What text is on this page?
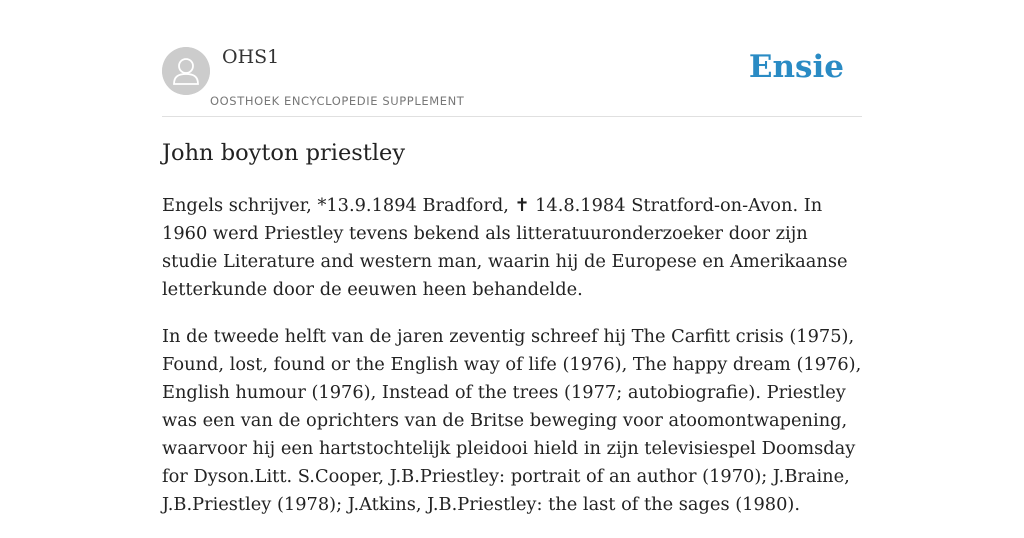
OHS1
OOSTHOEK ENCYCLOPEDIE SUPPLEMENT
Ensie
John boyton priestley

Engels schrijver, *13.9.1894 Bradford, ✝ 14.8.1984 Stratford-on-Avon. In 1960 werd Priestley tevens bekend als litteratuuronderzoeker door zijn studie Literature and western man, waarin hij de Europese en Amerikaanse letterkunde door de eeuwen heen behandelde.

In de tweede helft van de jaren zeventig schreef hij The Carfitt crisis (1975), Found, lost, found or the English way of life (1976), The happy dream (1976), English humour (1976), Instead of the trees (1977; autobiografie). Priestley was een van de oprichters van de Britse beweging voor atoomontwapening, waarvoor hij een hartstochtelijk pleidooi hield in zijn televisiespel Doomsday for Dyson.Litt. S.Cooper, J.B.Priestley: portrait of an author (1970); J.Braine, J.B.Priestley (1978); J.Atkins, J.B.Priestley: the last of the sages (1980).
